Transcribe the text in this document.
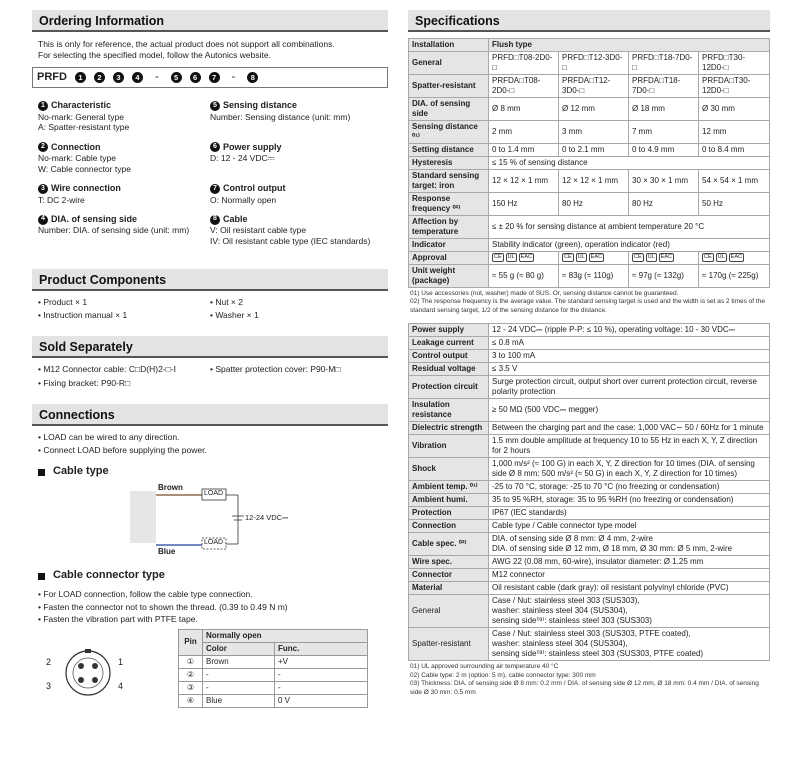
Ordering Information
This is only for reference, the actual product does not support all combinations.
For selecting the specified model, follow the Autonics website.
PRFD	1	2	3	4	-	5	6	7	-	8
1 Characteristic
No-mark: General type
A: Spatter-resistant type
5 Sensing distance
Number: Sensing distance (unit: mm)
2 Connection
No-mark: Cable type
W: Cable connector type
6 Power supply
D: 12 - 24 VDC⎓
3 Wire connection
T: DC 2-wire
7 Control output
O: Normally open
4 DIA. of sensing side
Number: DIA. of sensing side (unit: mm)
8 Cable
V: Oil resistant cable type
IV: Oil resistant cable type (IEC standards)
Product Components
• Product × 1	• Nut × 2
• Instruction manual × 1	• Washer × 1
Sold Separately
• M12 Connector cable: C□D(H)2-□-I	• Spatter protection cover: P90-M□
• Fixing bracket: P90-R□
Connections
• LOAD can be wired to any direction.
• Connect LOAD before supplying the power.
Cable type
Brown
Blue
LOAD
LOAD
12-24 VDC⎓
Cable connector type
• For LOAD connection, follow the cable type connection.
• Fasten the connector not to shown the thread. (0.39 to 0.49 N m)
• Fasten the vibration part with PTFE tape.
1
2
3	4
Pin	Normally open	
	Color	Func.
①	Brown	+V
②	-	-
③	-	-
④	Blue	0 V
Specifications
Installation	Flush type			
General	PRFD□T08-2D0-□	PRFD□T12-3D0-□	PRFD□T18-7D0-□	PRFD□T30-12D0-□
Spatter-resistant	PRFDA□T08-2D0-□	PRFDA□T12-3D0-□	PRFDA□T18-7D0-□	PRFDA□T30-12D0-□
DIA. of sensing side	Ø 8 mm	Ø 12 mm	Ø 18 mm	Ø 30 mm
Sensing distance ⁰¹⁾	2 mm	3 mm	7 mm	12 mm
Setting distance	0 to 1.4 mm	0 to 2.1 mm	0 to 4.9 mm	0 to 8.4 mm
Hysteresis	≤ 15 % of sensing distance			
Standard sensing target: iron	12 × 12 × 1 mm	12 × 12 × 1 mm	30 × 30 × 1 mm	54 × 54 × 1 mm
Response frequency ⁰²⁾	150 Hz	80 Hz	80 Hz	50 Hz
Affection by temperature	≤ ± 20 % for sensing distance at ambient temperature 20 °C			
Indicator	Stability indicator (green), operation indicator (red)			
Approval	CE UL EAC	CE UL EAC	CE UL EAC	CE UL EAC

Unit weight (package)	≈ 55 g (≈ 80 g)	≈ 83g (≈ 110g)	≈ 97g (≈ 132g)	≈ 170g (≈ 225g)
01) Use accessories (nut, washer) made of SUS. Or, sensing distance cannot be guaranteed.
02) The response frequency is the average value. The standard sensing target is used and the width is set as 2 times of the standard sensing target, 1/2 of the sensing distance for the distance.
Power supply	12 - 24 VDC⎓ (ripple P-P: ≤ 10 %), operating voltage: 10 - 30 VDC⎓
Leakage current	≤ 0.8 mA
Control output	3 to 100 mA
Residual voltage	≤ 3.5 V
Protection circuit	Surge protection circuit, output short over current protection circuit, reverse polarity protection
Insulation resistance	≥ 50 MΩ (500 VDC⎓ megger)
Dielectric strength	Between the charging part and the case: 1,000 VAC∼ 50 / 60Hz for 1 minute
Vibration	1.5 mm double amplitude at frequency 10 to 55 Hz in each X, Y, Z direction for 2 hours
Shock	1,000 m/s² (≈ 100 G) in each X, Y, Z direction for 10 times (DIA. of sensing side Ø 8 mm: 500 m/s² (≈ 50 G) in each X, Y, Z direction for 10 times)
Ambient temp. ⁰¹⁾	-25 to 70 °C, storage: -25 to 70 °C (no freezing or condensation)
Ambient humi.	35 to 95 %RH, storage: 35 to 95 %RH (no freezing or condensation)
Protection	IP67 (IEC standards)
Connection	Cable type / Cable connector type model
Cable spec. ⁰²⁾	DIA. of sensing side Ø 8 mm: Ø 4 mm, 2-wire
DIA. of sensing side Ø 12 mm, Ø 18 mm, Ø 30 mm: Ø 5 mm, 2-wire
Wire spec.	AWG 22 (0.08 mm, 60-wire), insulator diameter: Ø 1.25 mm
Connector	M12 connector
Material	Oil resistant cable (dark gray): oil resistant polyvinyl chloride (PVC)
General	Case / Nut: stainless steel 303 (SUS303),
washer: stainless steel 304 (SUS304),
sensing side⁰³⁾: stainless steel 303 (SUS303)
Spatter-resistant	Case / Nut: stainless steel 303 (SUS303, PTFE coated),
washer: stainless steel 304 (SUS304),
sensing side⁰³⁾: stainless steel 303 (SUS303, PTFE coated)
01) UL approved surrounding air temperature 40 °C
02) Cable type: 2 m (option: 5 m), cable connector type: 300 mm
03) Thickness: DIA. of sensing side Ø 8 mm: 0.2 mm / DIA. of sensing side Ø 12 mm, Ø 18 mm: 0.4 mm / DIA. of sensing side Ø 30 mm: 0.5 mm
